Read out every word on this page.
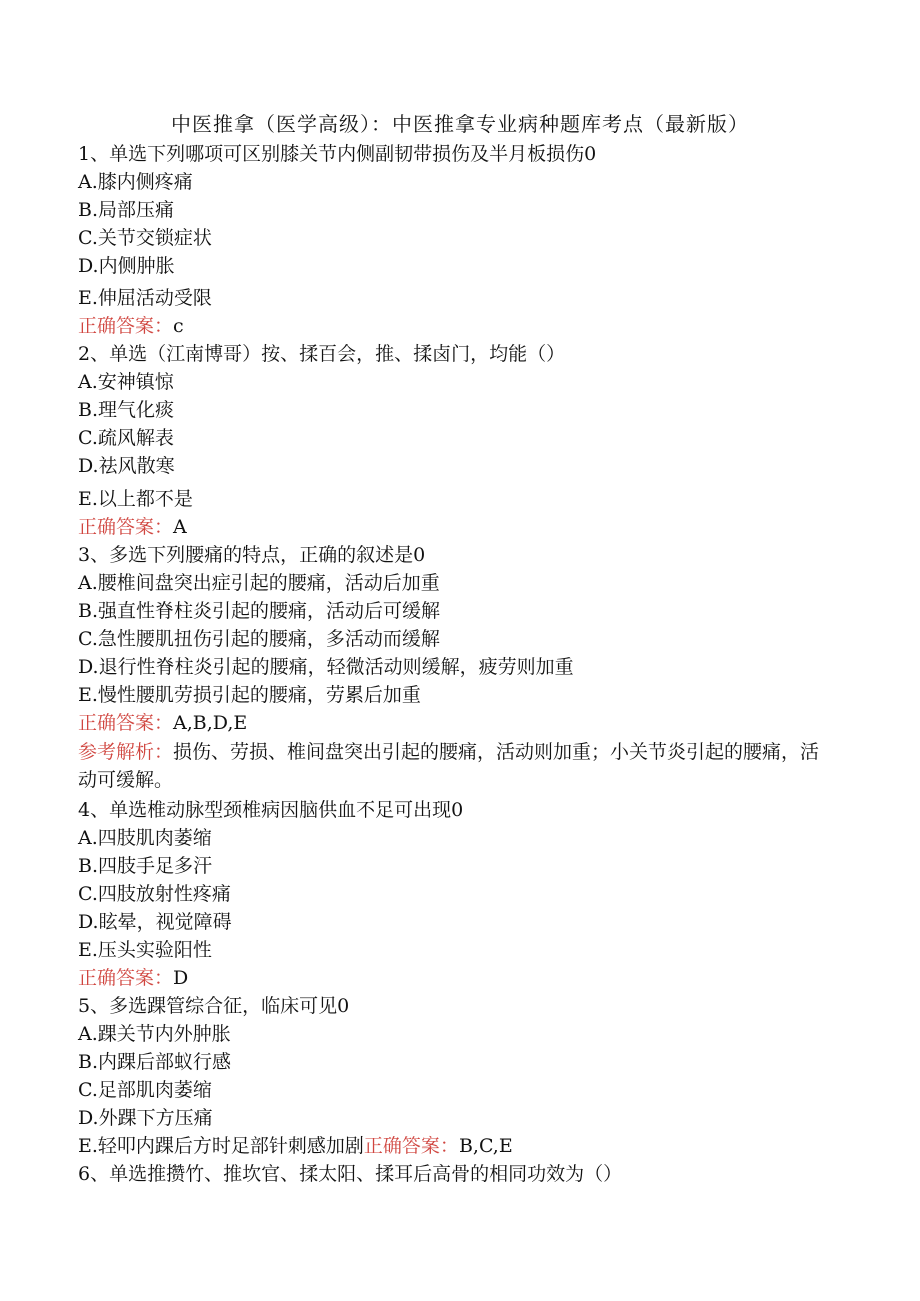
中医推拿（医学高级）：中医推拿专业病种题库考点（最新版）
1、单选下列哪项可区别膝关节内侧副韧带损伤及半月板损伤0
A.膝内侧疼痛
B.局部压痛
C.关节交锁症状
D.内侧肿胀
E.伸屈活动受限
正确答案：c
2、单选（江南博哥）按、揉百会，推、揉卤门，均能（）
A.安神镇惊
B.理气化痰
C.疏风解表
D.祛风散寒
E.以上都不是
正确答案：A
3、多选下列腰痛的特点，正确的叙述是0
A.腰椎间盘突出症引起的腰痛，活动后加重
B.强直性脊柱炎引起的腰痛，活动后可缓解
C.急性腰肌扭伤引起的腰痛，多活动而缓解
D.退行性脊柱炎引起的腰痛，轻微活动则缓解，疲劳则加重
E.慢性腰肌劳损引起的腰痛，劳累后加重
正确答案：A,B,D,E
参考解析：损伤、劳损、椎间盘突出引起的腰痛，活动则加重；小关节炎引起的腰痛，活动可缓解。
4、单选椎动脉型颈椎病因脑供血不足可出现0
A.四肢肌肉萎缩
B.四肢手足多汗
C.四肢放射性疼痛
D.眩晕，视觉障碍
E.压头实验阳性
正确答案：D
5、多选踝管综合征，临床可见0
A.踝关节内外肿胀
B.内踝后部蚁行感
C.足部肌肉萎缩
D.外踝下方压痛
E.轻叩内踝后方时足部针刺感加剧正确答案：B,C,E
6、单选推攒竹、推坎官、揉太阳、揉耳后高骨的相同功效为（）
